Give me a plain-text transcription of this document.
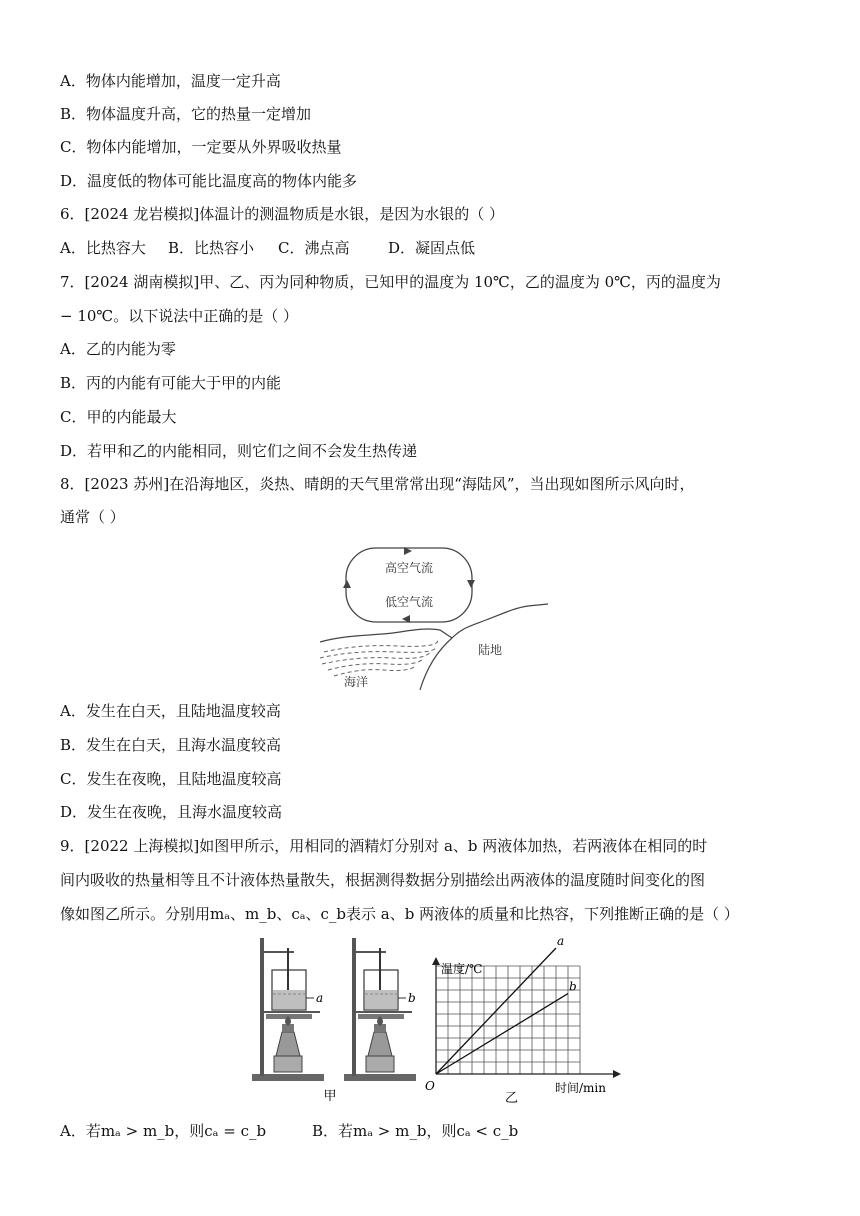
A．物体内能增加，温度一定升高
B．物体温度升高，它的热量一定增加
C．物体内能增加，一定要从外界吸收热量
D．温度低的物体可能比温度高的物体内能多
6．[2024 龙岩模拟]体温计的测温物质是水银，是因为水银的（ ）
A．比热容大 B．比热容小 C．沸点高	D．凝固点低
7．[2024 湖南模拟]甲、乙、丙为同种物质，已知甲的温度为 10℃，乙的温度为 0℃，丙的温度为
− 10℃。以下说法中正确的是（ ）
A．乙的内能为零
B．丙的内能有可能大于甲的内能
C．甲的内能最大
D．若甲和乙的内能相同，则它们之间不会发生热传递
8．[2023 苏州]在沿海地区，炎热、晴朗的天气里常常出现“海陆风”，当出现如图所示风向时，
通常（ ）
高空气流
低空气流
陆地
海洋
A．发生在白天，且陆地温度较高
B．发生在白天，且海水温度较高
C．发生在夜晚，且陆地温度较高
D．发生在夜晚，且海水温度较高
9．[2022 上海模拟]如图甲所示，用相同的酒精灯分别对 a、b 两液体加热，若两液体在相同的时
间内吸收的热量相等且不计液体热量散失，根据测得数据分别描绘出两液体的温度随时间变化的图
像如图乙所示。分别用mₐ、m_b、cₐ、c_b表示 a、b 两液体的质量和比热容，下列推断正确的是（ ）
a	b
甲
a
b
温度/℃
时间/min
O
乙
A．若mₐ > m_b，则cₐ = c_b	B．若mₐ > m_b，则cₐ < c_b
